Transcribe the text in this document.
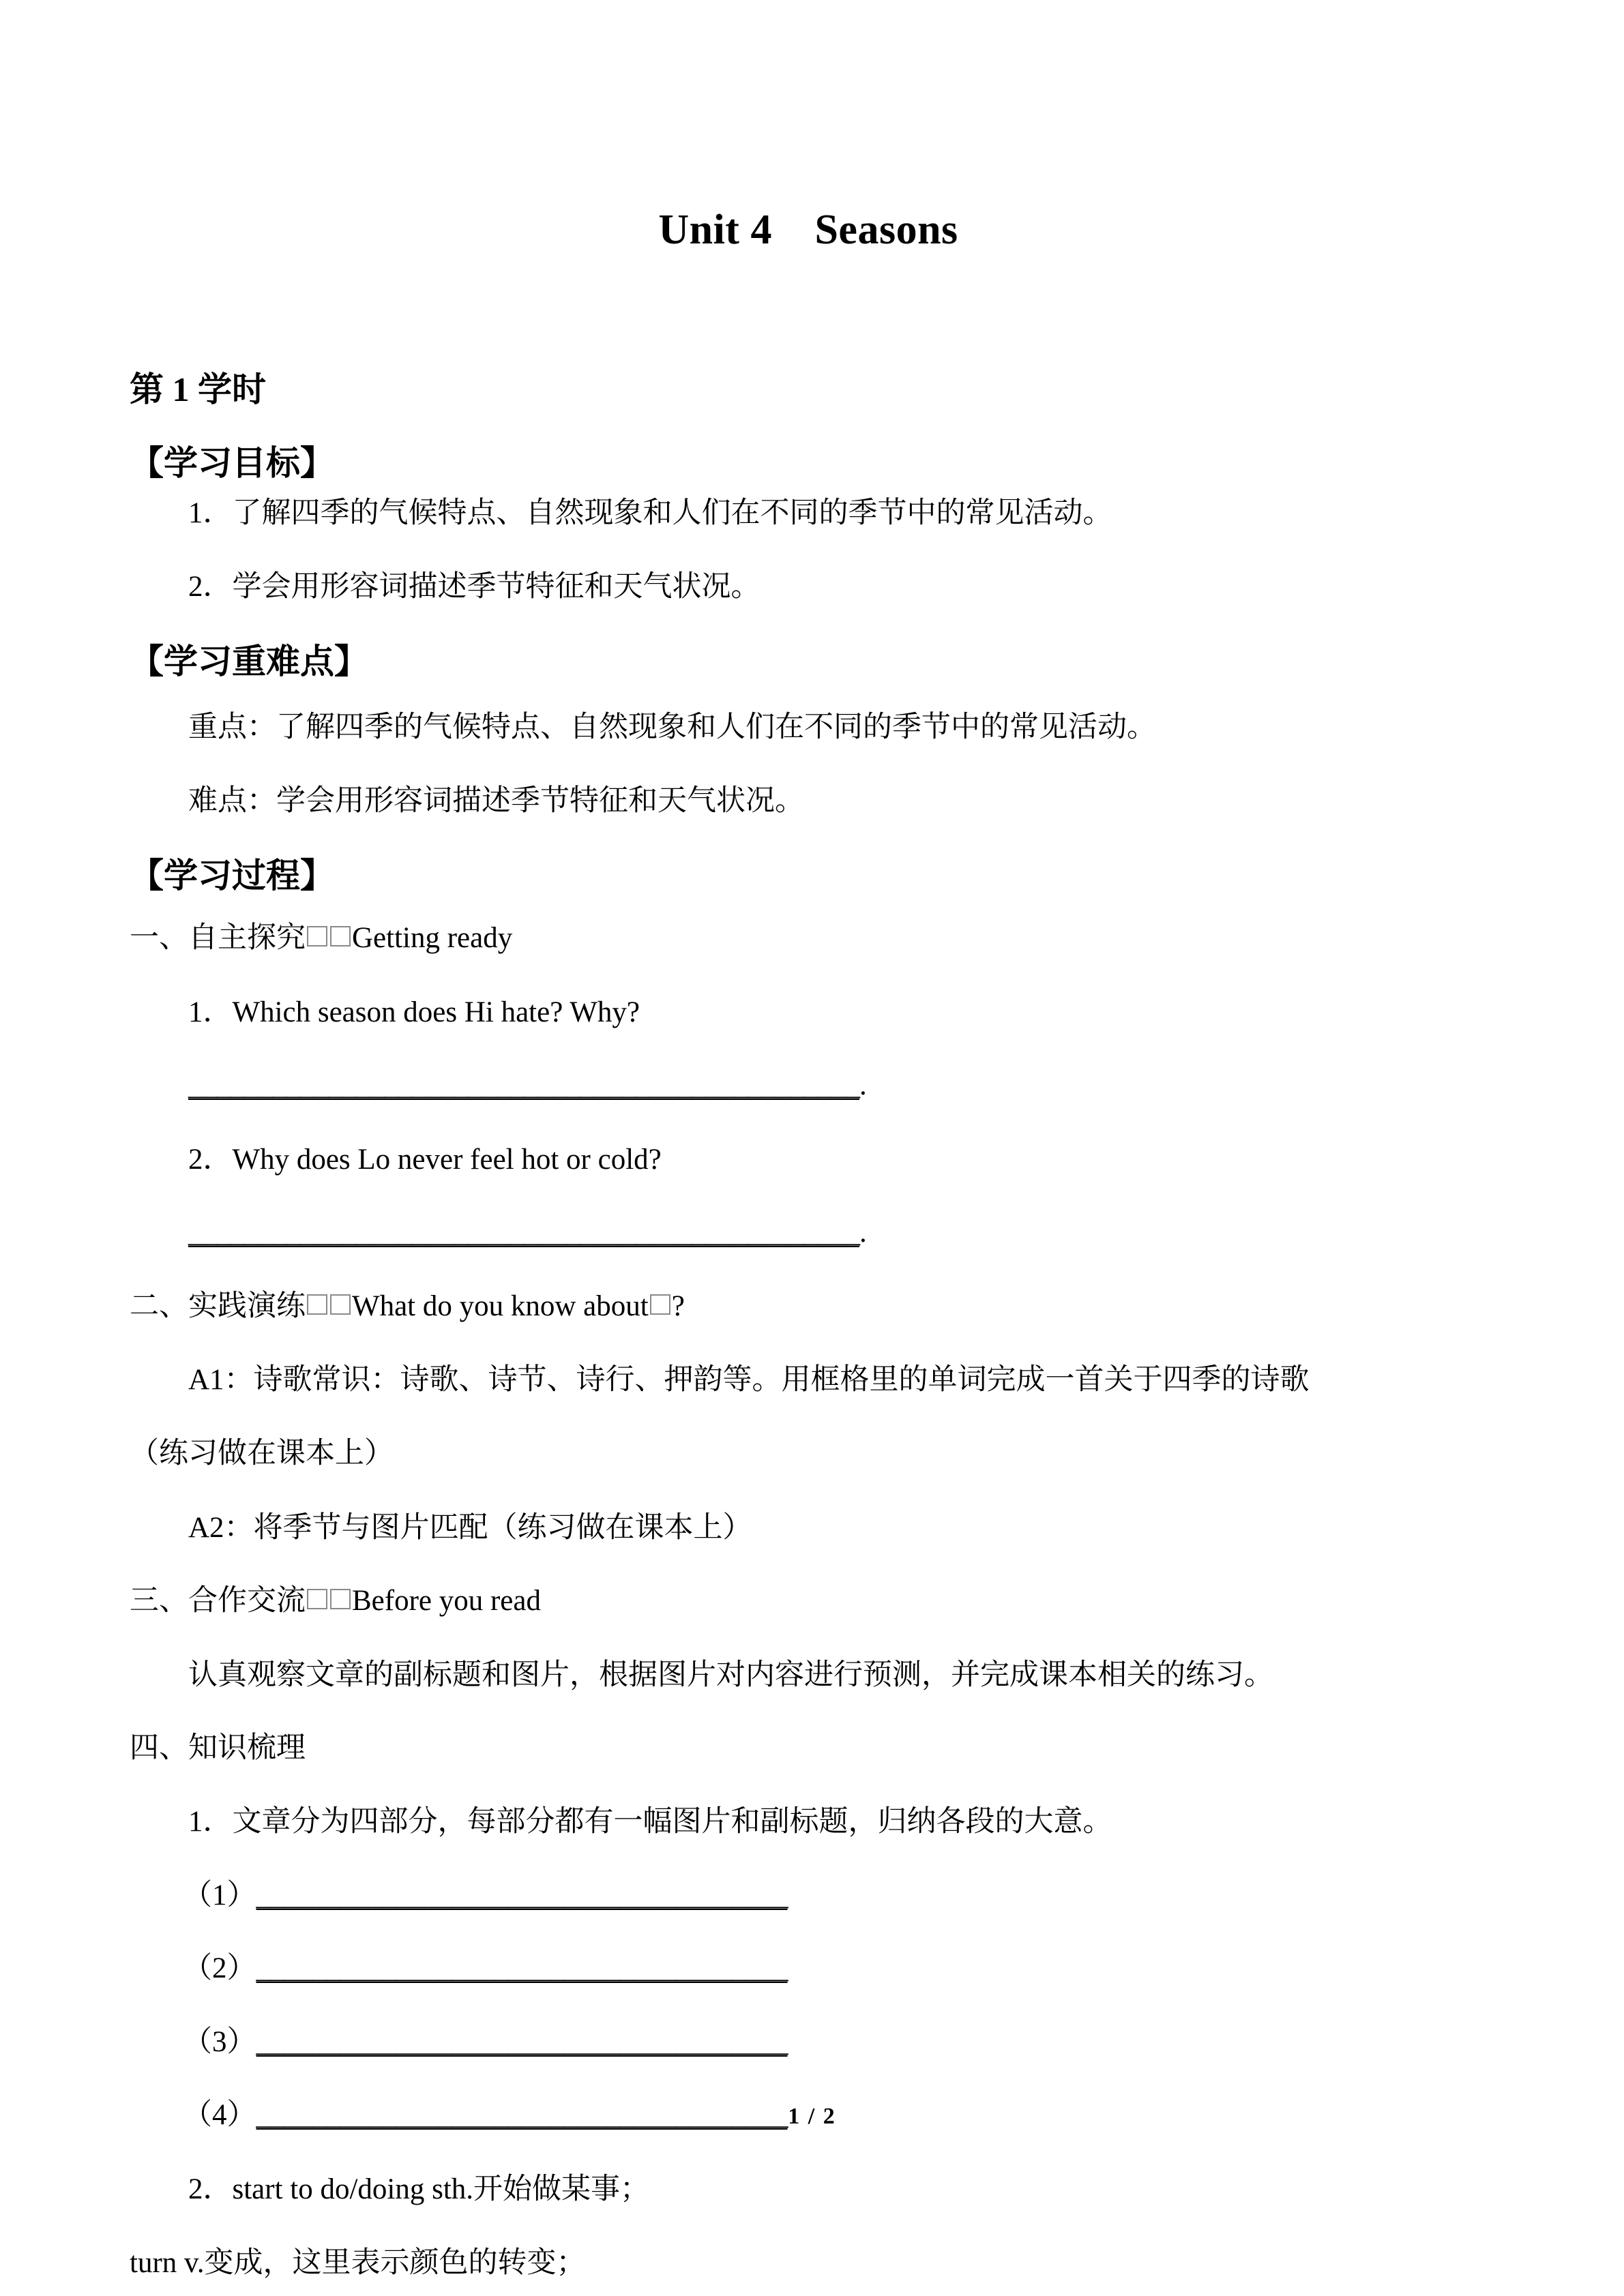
Unit 4　Seasons
第 1 学时
【学习目标】

1．了解四季的气候特点、自然现象和人们在不同的季节中的常见活动。

2．学会用形容词描述季节特征和天气状况。

【学习重难点】

重点：了解四季的气候特点、自然现象和人们在不同的季节中的常见活动。

难点：学会用形容词描述季节特征和天气状况。

【学习过程】

一、自主探究 Getting ready

1．Which season does Hi hate? Why?

________________________________________________.

2．Why does Lo never feel hot or cold?

________________________________________________.

二、实践演练 What do you know about ?

A1：诗歌常识：诗歌、诗节、诗行、押韵等。用框格里的单词完成一首关于四季的诗歌

（练习做在课本上）

A2：将季节与图片匹配（练习做在课本上）

三、合作交流 Before you read

认真观察文章的副标题和图片，根据图片对内容进行预测，并完成课本相关的练习。

四、知识梳理

1．文章分为四部分，每部分都有一幅图片和副标题，归纳各段的大意。

（1）______________________________________

（2）______________________________________

（3）______________________________________

（4）______________________________________

2．start to do/doing sth.开始做某事；

turn v.变成，这里表示颜色的转变；

1 / 2
